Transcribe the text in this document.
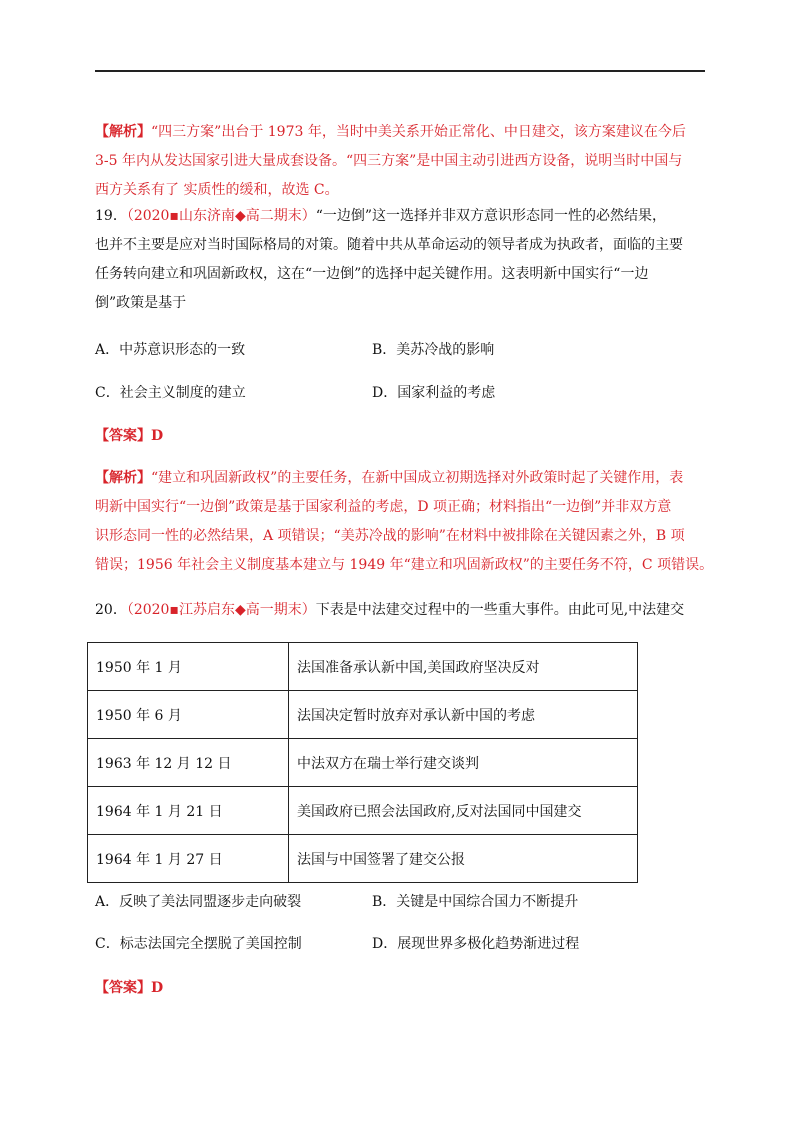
【解析】“四三方案”出台于 1973 年，当时中美关系开始正常化、中日建交，该方案建议在今后
3-5 年内从发达国家引进大量成套设备。“四三方案”是中国主动引进西方设备，说明当时中国与
西方关系有了 实质性的缓和，故选 C。
19．（2020▪山东济南◆高二期末）“一边倒”这一选择并非双方意识形态同一性的必然结果，
也并不主要是应对当时国际格局的对策。随着中共从革命运动的领导者成为执政者，面临的主要
任务转向建立和巩固新政权，这在“一边倒”的选择中起关键作用。这表明新中国实行“一边
倒”政策是基于
A．中苏意识形态的一致	B．美苏冷战的影响
C．社会主义制度的建立	D．国家利益的考虑
【答案】D
【解析】“建立和巩固新政权”的主要任务，在新中国成立初期选择对外政策时起了关键作用，表
明新中国实行“一边倒”政策是基于国家利益的考虑，D 项正确；材料指出“一边倒”并非双方意
识形态同一性的必然结果，A 项错误；“美苏冷战的影响”在材料中被排除在关键因素之外，B 项
错误；1956 年社会主义制度基本建立与 1949 年“建立和巩固新政权”的主要任务不符，C 项错误。
20．（2020▪江苏启东◆高一期末）下表是中法建交过程中的一些重大事件。由此可见,中法建交
1950 年 1 月	法国准备承认新中国,美国政府坚决反对
1950 年 6 月	法国决定暂时放弃对承认新中国的考虑
1963 年 12 月 12 日	中法双方在瑞士举行建交谈判
1964 年 1 月 21 日	美国政府已照会法国政府,反对法国同中国建交
1964 年 1 月 27 日	法国与中国签署了建交公报
A．反映了美法同盟逐步走向破裂	B．关键是中国综合国力不断提升
C．标志法国完全摆脱了美国控制	D．展现世界多极化趋势渐进过程
【答案】D
